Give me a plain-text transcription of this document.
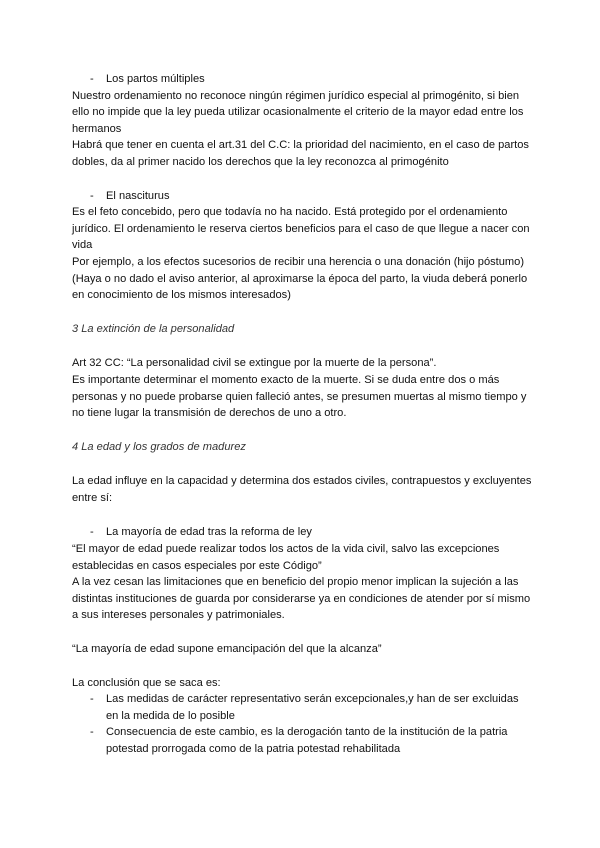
- Los partos múltiples

Nuestro ordenamiento no reconoce ningún régimen jurídico especial al primogénito, si bien ello no impide que la ley pueda utilizar ocasionalmente el criterio de la mayor edad entre los hermanos

Habrá que tener en cuenta el art.31 del C.C: la prioridad del nacimiento, en el caso de partos dobles, da al primer nacido los derechos que la ley reconozca al primogénito

- El nasciturus

Es el feto concebido, pero que todavía no ha nacido. Está protegido por el ordenamiento jurídico. El ordenamiento le reserva ciertos beneficios para el caso de que llegue a nacer con vida

Por ejemplo, a los efectos sucesorios de recibir una herencia o una donación (hijo póstumo) (Haya o no dado el aviso anterior, al aproximarse la época del parto, la viuda deberá ponerlo en conocimiento de los mismos interesados)

3 La extinción de la personalidad

Art 32 CC: “La personalidad civil se extingue por la muerte de la persona”.

Es importante determinar el momento exacto de la muerte. Si se duda entre dos o más personas y no puede probarse quien falleció antes, se presumen muertas al mismo tiempo y no tiene lugar la transmisión de derechos de uno a otro.

4 La edad y los grados de madurez

La edad influye en la capacidad y determina dos estados civiles, contrapuestos y excluyentes entre sí:

- La mayoría de edad tras la reforma de ley

“El mayor de edad puede realizar todos los actos de la vida civil, salvo las excepciones establecidas en casos especiales por este Código”

A la vez cesan las limitaciones que en beneficio del propio menor implican la sujeción a las distintas instituciones de guarda por considerarse ya en condiciones de atender por sí mismo a sus intereses personales y patrimoniales.

“La mayoría de edad supone emancipación del que la alcanza”

La conclusión que se saca es:

- Las medidas de carácter representativo serán excepcionales,y han de ser excluidas en la medida de lo posible
- Consecuencia de este cambio, es la derogación tanto de la institución de la patria potestad prorrogada como de la patria potestad rehabilitada
